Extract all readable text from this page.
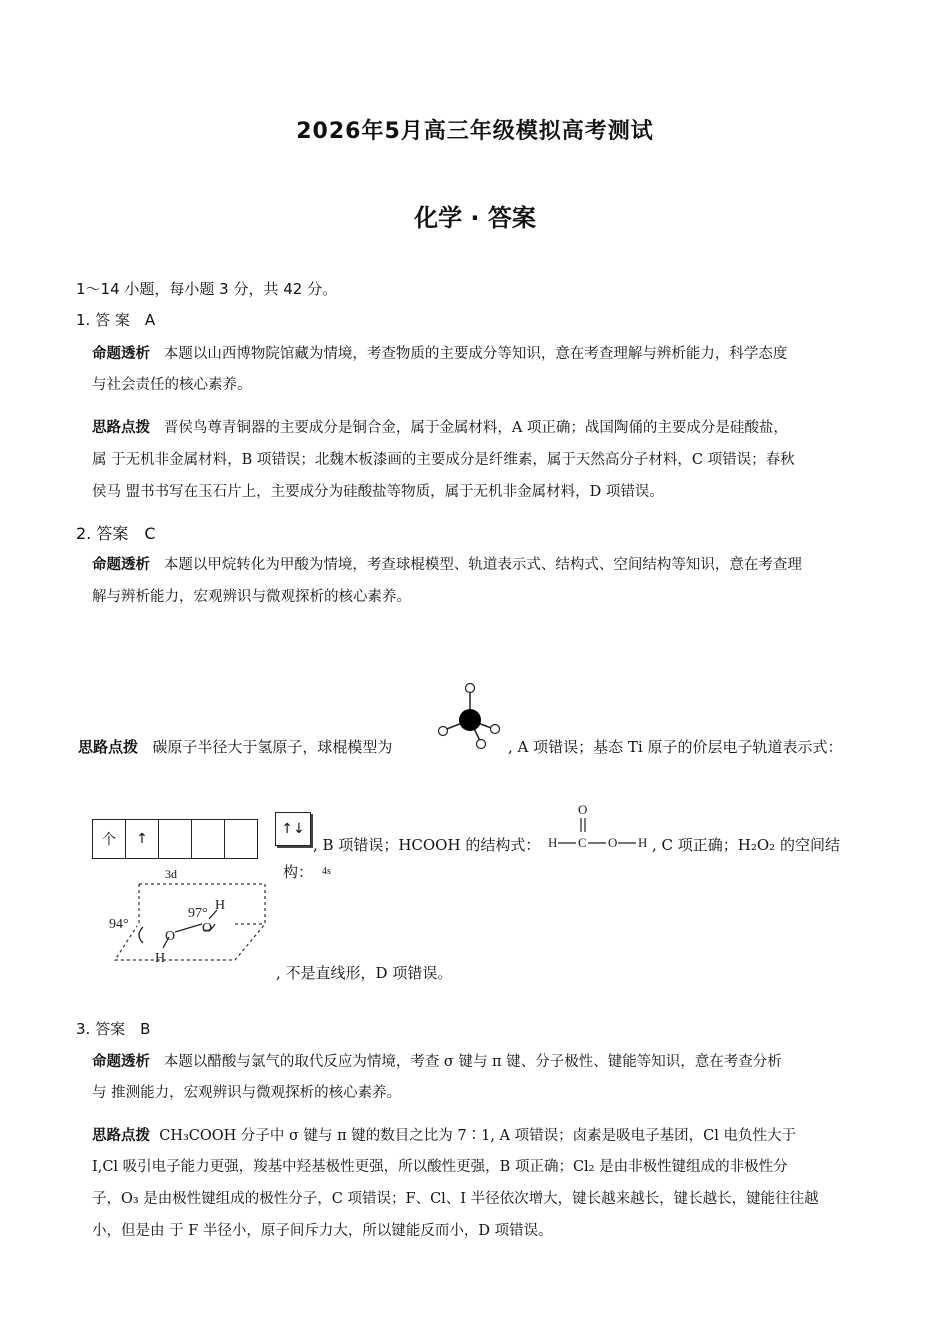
2026年5月高三年级模拟高考测试
化学 · 答案
1～14 小题，每小题 3 分，共 42 分。
1. 答 案　A
命题透析 本题以山西博物院馆藏为情境，考查物质的主要成分等知识，意在考查理解与辨析能力，科学态度
与社会责任的核心素养。
思路点拨 晋侯鸟尊青铜器的主要成分是铜合金，属于金属材料，A 项正确；战国陶俑的主要成分是硅酸盐，
属 于无机非金属材料，B 项错误；北魏木板漆画的主要成分是纤维素，属于天然高分子材料，C 项错误；春秋
侯马 盟书书写在玉石片上，主要成分为硅酸盐等物质，属于无机非金属材料，D 项错误。
2. 答案　C
命题透析 本题以甲烷转化为甲酸为情境，考查球棍模型、轨道表示式、结构式、空间结构等知识，意在考查理
解与辨析能力，宏观辨识与微观探析的核心素养。
思路点拨 碳原子半径大于氢原子，球棍模型为	, A 项错误；基态 Ti 原子的价层电子轨道表示式：
个	↑
3d
↑↓
4s
, B 项错误；HCOOH 的结构式： H C O H
O
, C 项正确；H₂O₂ 的空间结
构：
94°
97°
H
O
O
H
, 不是直线形，D 项错误。
3. 答案　B
命题透析 本题以醋酸与氯气的取代反应为情境，考查 σ 键与 π 键、分子极性、键能等知识，意在考查分析
与 推测能力，宏观辨识与微观探析的核心素养。
思路点拨 CH₃COOH 分子中 σ 键与 π 键的数目之比为 7∶1, A 项错误；卤素是吸电子基团，Cl 电负性大于
I,Cl 吸引电子能力更强，羧基中羟基极性更强，所以酸性更强，B 项正确；Cl₂ 是由非极性键组成的非极性分
子，O₃ 是由极性键组成的极性分子，C 项错误；F、Cl、I 半径依次增大，键长越来越长，键长越长，键能往往越
小，但是由 于 F 半径小，原子间斥力大，所以键能反而小，D 项错误。
